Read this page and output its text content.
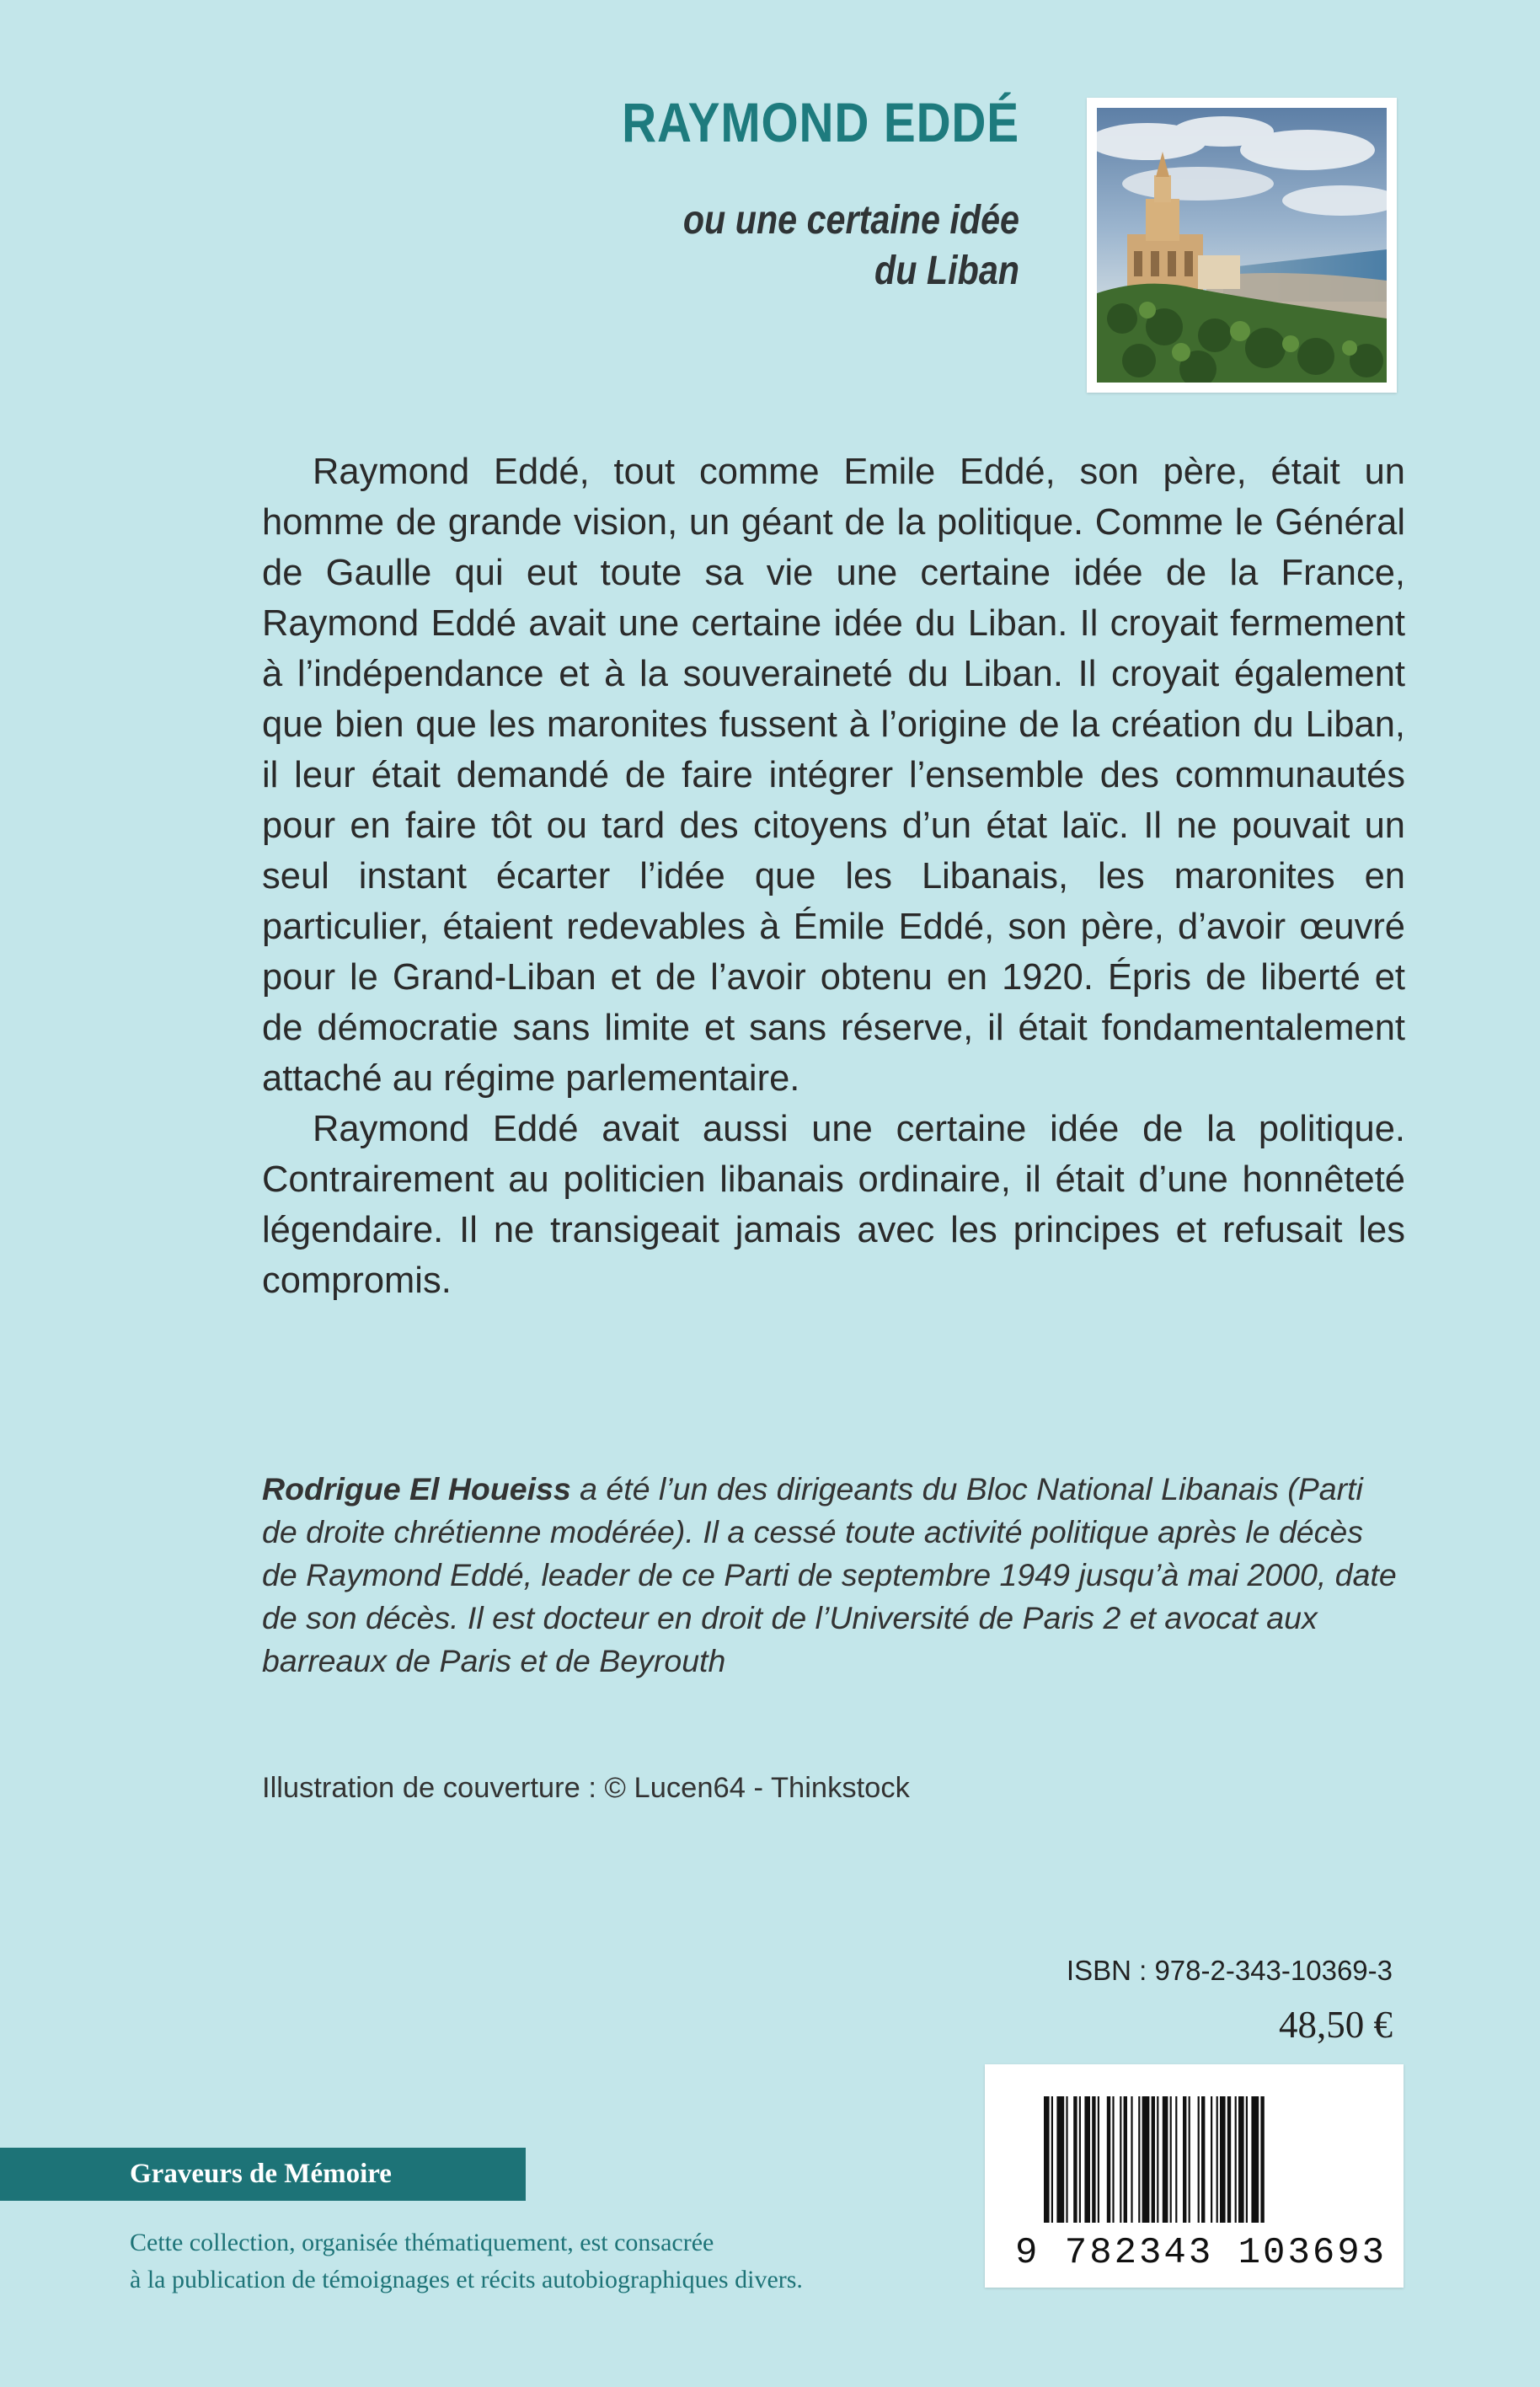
RAYMOND EDDÉ
ou une certaine idée
du Liban

Raymond Eddé, tout comme Emile Eddé, son père, était un homme de grande vision, un géant de la politique. Comme le Général de Gaulle qui eut toute sa vie une certaine idée de la France, Raymond Eddé avait une certaine idée du Liban. Il croyait fermement à l’indépendance et à la souveraineté du Liban. Il croyait également que bien que les maronites fussent à l’origine de la création du Liban, il leur était demandé de faire intégrer l’ensemble des communautés pour en faire tôt ou tard des citoyens d’un état laïc. Il ne pouvait un seul instant écarter l’idée que les Libanais, les maronites en particulier, étaient redevables à Émile Eddé, son père, d’avoir œuvré pour le Grand-Liban et de l’avoir obtenu en 1920. Épris de liberté et de démocratie sans limite et sans réserve, il était fondamentalement attaché au régime parlementaire.

Raymond Eddé avait aussi une certaine idée de la politique. Contrairement au politicien libanais ordinaire, il était d’une honnêteté légendaire. Il ne transigeait jamais avec les principes et refusait les compromis.

Rodrigue El Houeiss a été l’un des dirigeants du Bloc National Libanais (Parti de droite chrétienne modérée). Il a cessé toute activité politique après le décès de Raymond Eddé, leader de ce Parti de septembre 1949 jusqu’à mai 2000, date de son décès. Il est docteur en droit de l’Université de Paris 2 et avocat aux barreaux de Paris et de Beyrouth
Illustration de couverture : © Lucen64 - Thinkstock
ISBN : 978-2-343-10369-3
48,50 €
9 782343 103693
Graveurs de Mémoire
Cette collection, organisée thématiquement, est consacrée
à la publication de témoignages et récits autobiographiques divers.
